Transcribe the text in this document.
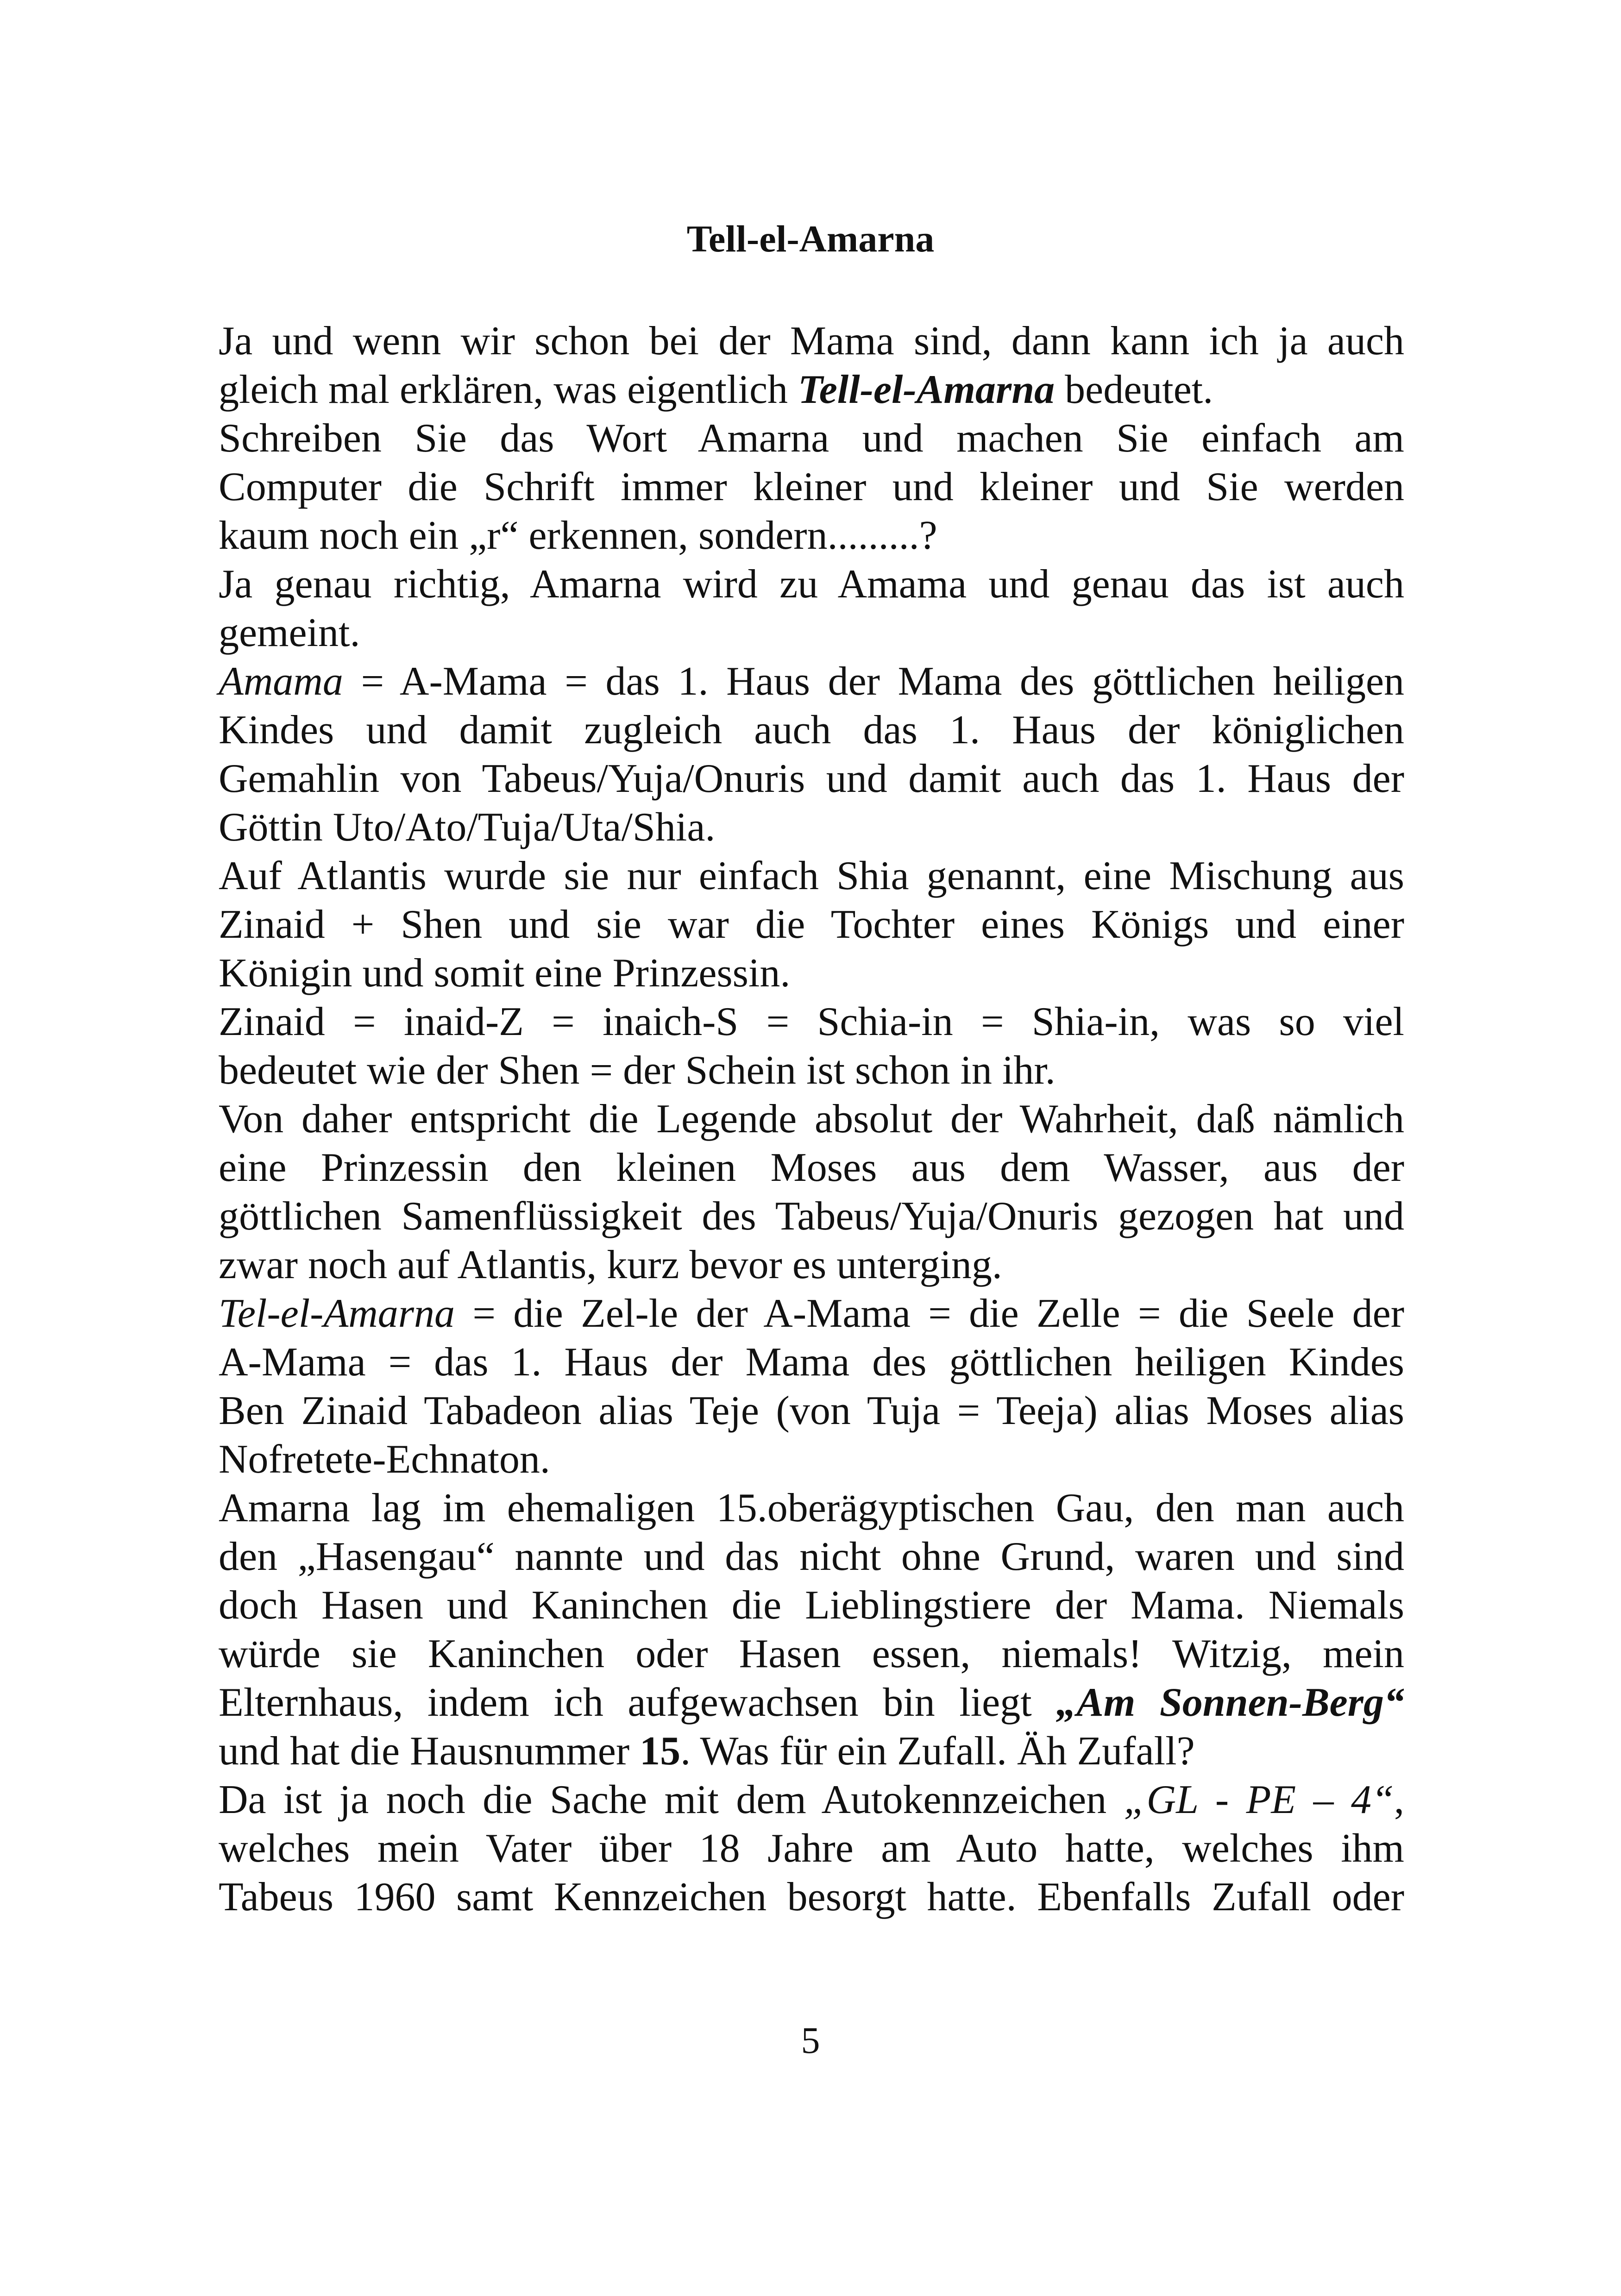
Tell-el-Amarna
Ja und wenn wir schon bei der Mama sind, dann kann ich ja auch
gleich mal erklären, was eigentlich Tell-el-Amarna bedeutet.
Schreiben Sie das Wort Amarna und machen Sie einfach am
Computer die Schrift immer kleiner und kleiner und Sie werden
kaum noch ein „r“ erkennen, sondern.........?
Ja genau richtig, Amarna wird zu Amama und genau das ist auch
gemeint.
Amama = A-Mama = das 1. Haus der Mama des göttlichen heiligen
Kindes und damit zugleich auch das 1. Haus der königlichen
Gemahlin von Tabeus/Yuja/Onuris und damit auch das 1. Haus der
Göttin Uto/Ato/Tuja/Uta/Shia.
Auf Atlantis wurde sie nur einfach Shia genannt, eine Mischung aus
Zinaid + Shen und sie war die Tochter eines Königs und einer
Königin und somit eine Prinzessin.
Zinaid = inaid-Z = inaich-S = Schia-in = Shia-in, was so viel
bedeutet wie der Shen = der Schein ist schon in ihr.
Von daher entspricht die Legende absolut der Wahrheit, daß nämlich
eine Prinzessin den kleinen Moses aus dem Wasser, aus der
göttlichen Samenflüssigkeit des Tabeus/Yuja/Onuris gezogen hat und
zwar noch auf Atlantis, kurz bevor es unterging.
Tel-el-Amarna = die Zel-le der A-Mama = die Zelle = die Seele der
A-Mama = das 1. Haus der Mama des göttlichen heiligen Kindes
Ben Zinaid Tabadeon alias Teje (von Tuja = Teeja) alias Moses alias
Nofretete-Echnaton.
Amarna lag im ehemaligen 15.oberägyptischen Gau, den man auch
den „Hasengau“ nannte und das nicht ohne Grund, waren und sind
doch Hasen und Kaninchen die Lieblingstiere der Mama. Niemals
würde sie Kaninchen oder Hasen essen, niemals! Witzig, mein
Elternhaus, indem ich aufgewachsen bin liegt „Am Sonnen-Berg“
und hat die Hausnummer 15. Was für ein Zufall. Äh Zufall?
Da ist ja noch die Sache mit dem Autokennzeichen „GL - PE – 4“,
welches mein Vater über 18 Jahre am Auto hatte, welches ihm
Tabeus 1960 samt Kennzeichen besorgt hatte. Ebenfalls Zufall oder
5
